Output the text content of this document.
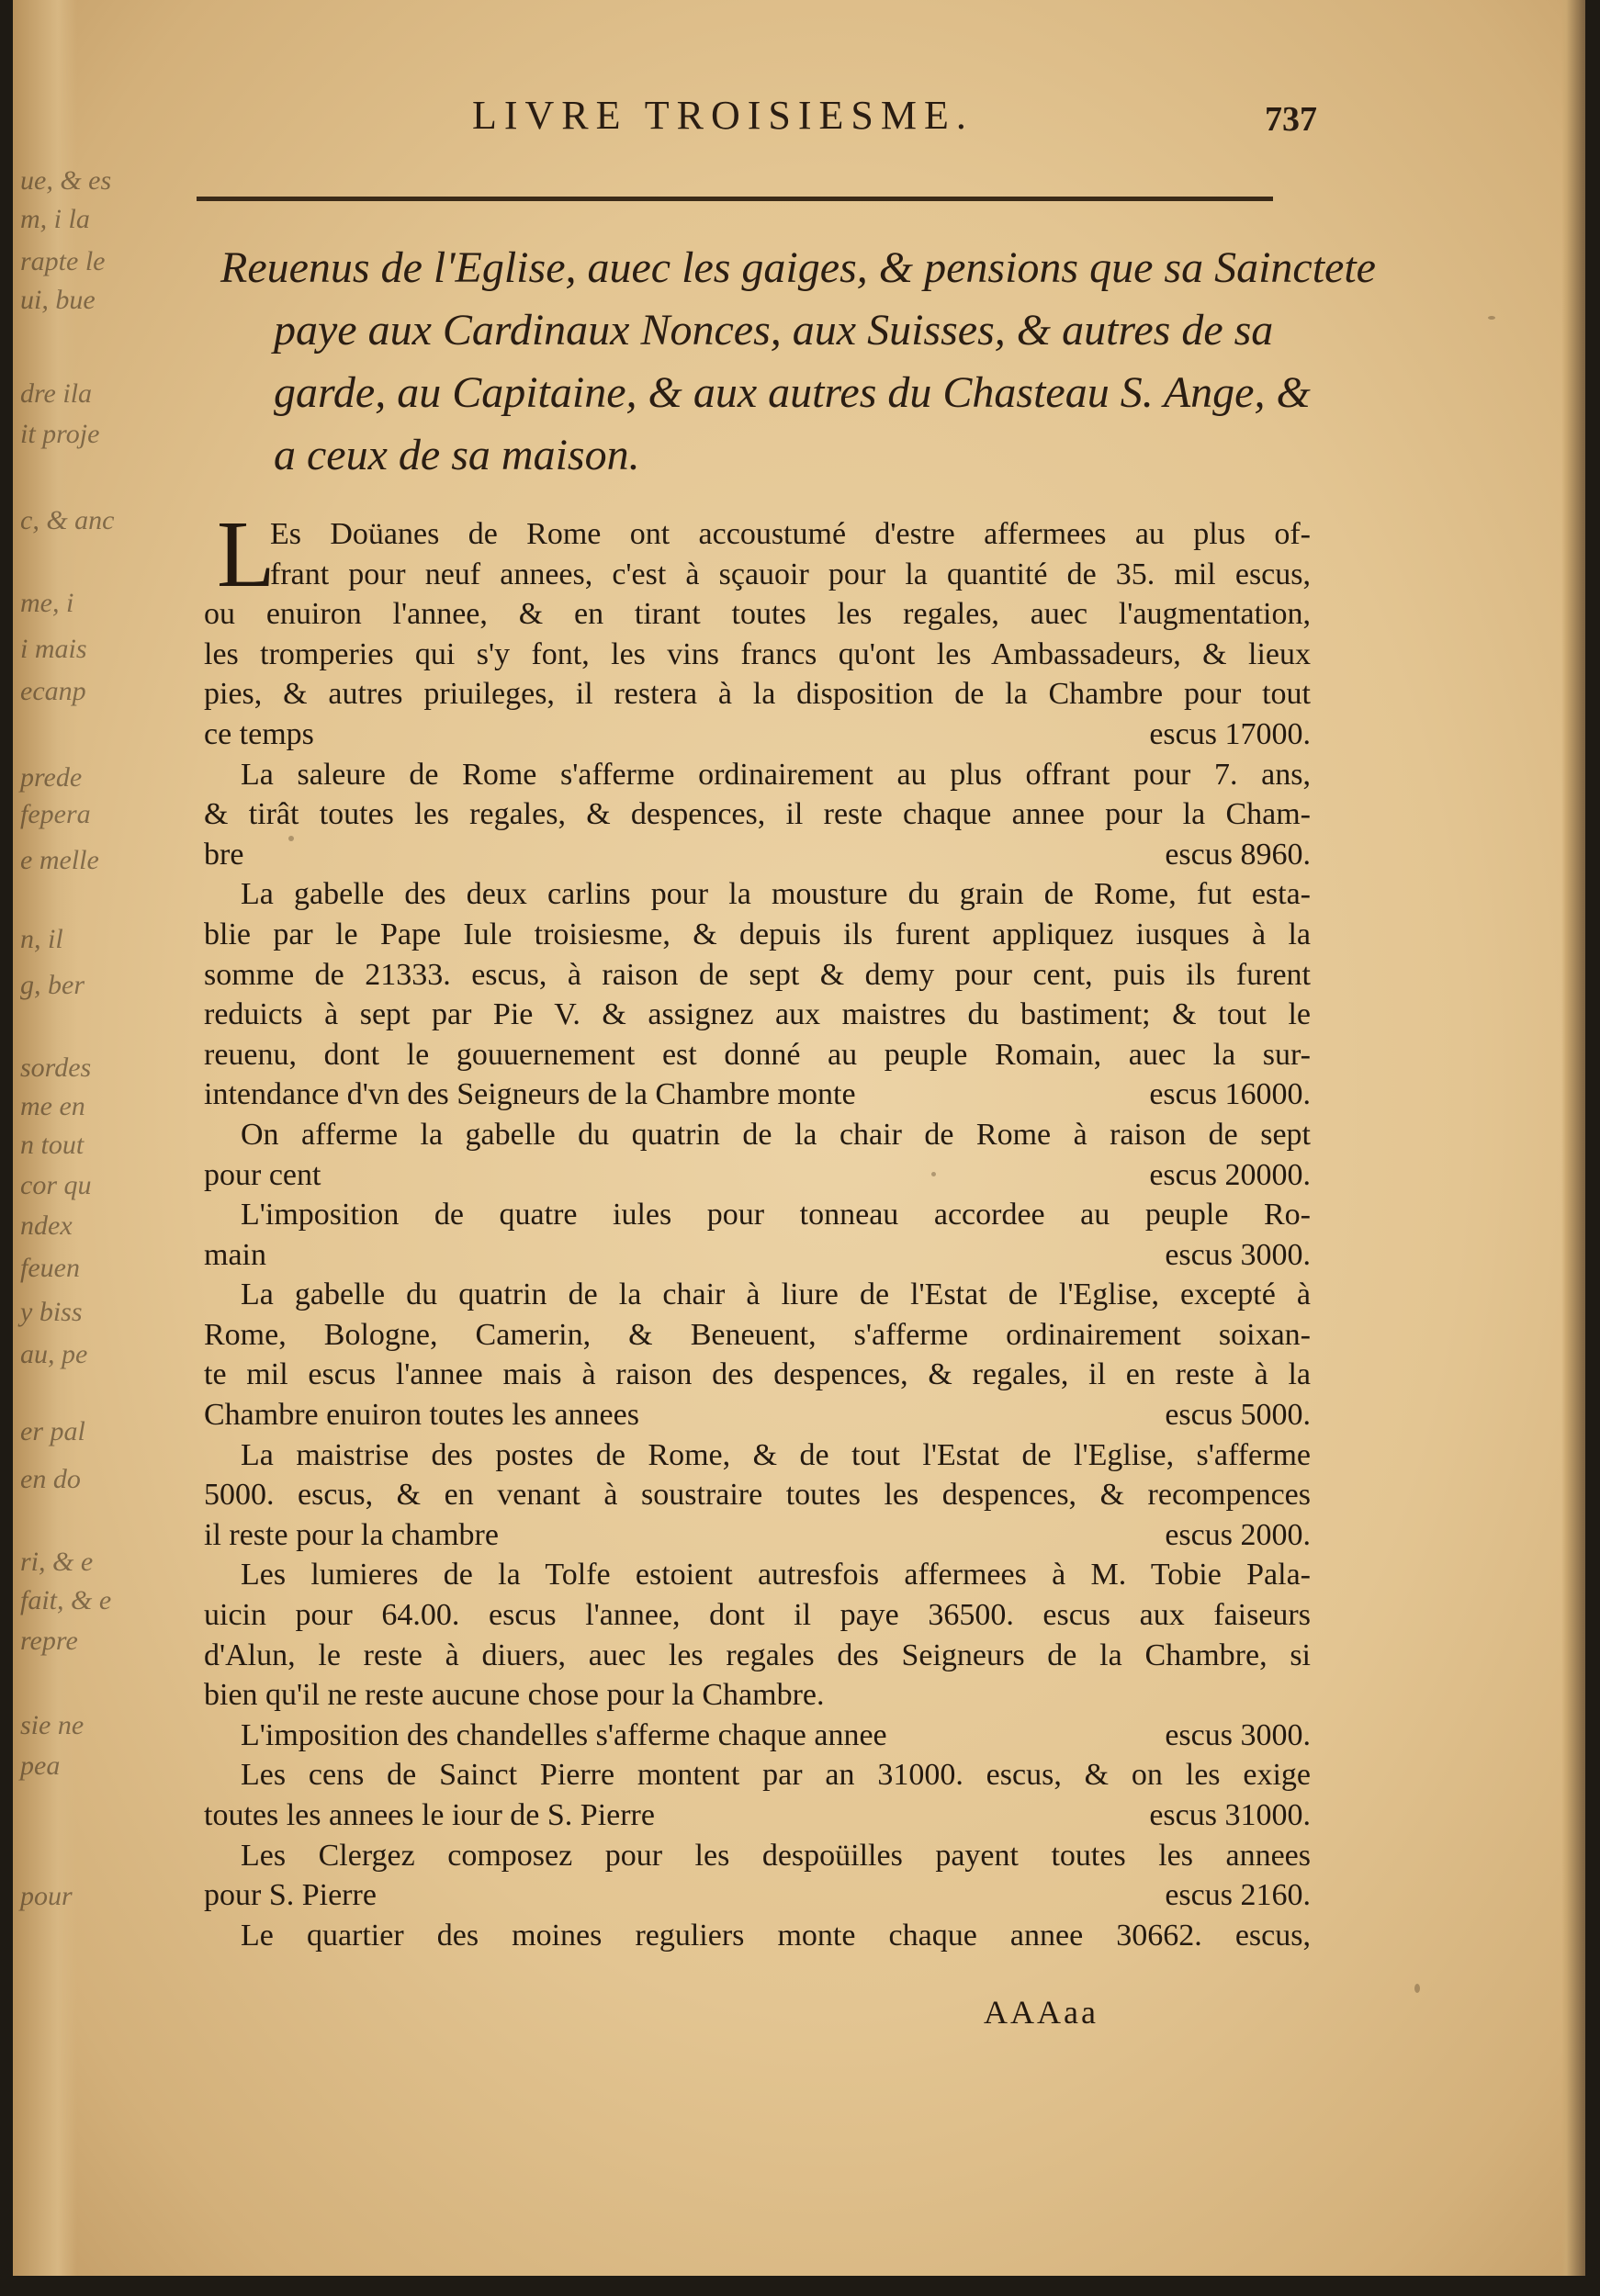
ue, & es
m, i la
rapte le
ui, bue
dre ila
it proje
c, & anc
me, i
i mais
ecanp
prede
fepera
e melle
n, il
g, ber
sordes
me en
n tout
cor qu
ndex
feuen
y biss
au, pe
er pal
en do
ri, & e
fait, & e
repre
sie ne
pea
pour
LIVRE TROISIESME.	737
Reuenus de l'Eglise, auec les gaiges, & pensions que sa Sainctete
paye aux Cardinaux Nonces, aux Suisses, & autres de sa
garde, au Capitaine, & aux autres du Chasteau S. Ange, &
a ceux de sa maison.
L
Es Doüanes de Rome ont accoustumé d'estre affermees au plus of-
frant pour neuf annees, c'est à sçauoir pour la quantité de 35. mil escus,
ou enuiron l'annee, & en tirant toutes les regales, auec l'augmentation,
les tromperies qui s'y font, les vins francs qu'ont les Ambassadeurs, & lieux
pies, & autres priuileges, il restera à la disposition de la Chambre pour tout
ce temps	escus 17000.
La saleure de Rome s'afferme ordinairement au plus offrant pour 7. ans,
& tirât toutes les regales, & despences, il reste chaque annee pour la Cham-
bre	escus 8960.
La gabelle des deux carlins pour la mousture du grain de Rome, fut esta-
blie par le Pape Iule troisiesme, & depuis ils furent appliquez iusques à la
somme de 21333. escus, à raison de sept & demy pour cent, puis ils furent
reduicts à sept par Pie V. & assignez aux maistres du bastiment; & tout le
reuenu, dont le gouuernement est donné au peuple Romain, auec la sur-
intendance d'vn des Seigneurs de la Chambre monte	escus 16000.
On afferme la gabelle du quatrin de la chair de Rome à raison de sept
pour cent	escus 20000.
L'imposition de quatre iules pour tonneau accordee au peuple Ro-
main	escus 3000.
La gabelle du quatrin de la chair à liure de l'Estat de l'Eglise, excepté à
Rome, Bologne, Camerin, & Beneuent, s'afferme ordinairement soixan-
te mil escus l'annee mais à raison des despences, & regales, il en reste à la
Chambre enuiron toutes les annees	escus 5000.
La maistrise des postes de Rome, & de tout l'Estat de l'Eglise, s'afferme
5000. escus, & en venant à soustraire toutes les despences, & recompences
il reste pour la chambre	escus 2000.
Les lumieres de la Tolfe estoient autresfois affermees à M. Tobie Pala-
uicin pour 64.00. escus l'annee, dont il paye 36500. escus aux faiseurs
d'Alun, le reste à diuers, auec les regales des Seigneurs de la Chambre, si
bien qu'il ne reste aucune chose pour la Chambre.
L'imposition des chandelles s'afferme chaque annee	escus 3000.
Les cens de Sainct Pierre montent par an 31000. escus, & on les exige
toutes les annees le iour de S. Pierre	escus 31000.
Les Clergez composez pour les despoüilles payent toutes les annees
pour S. Pierre	escus 2160.
Le quartier des moines reguliers monte chaque annee 30662. escus,
AAAaa
